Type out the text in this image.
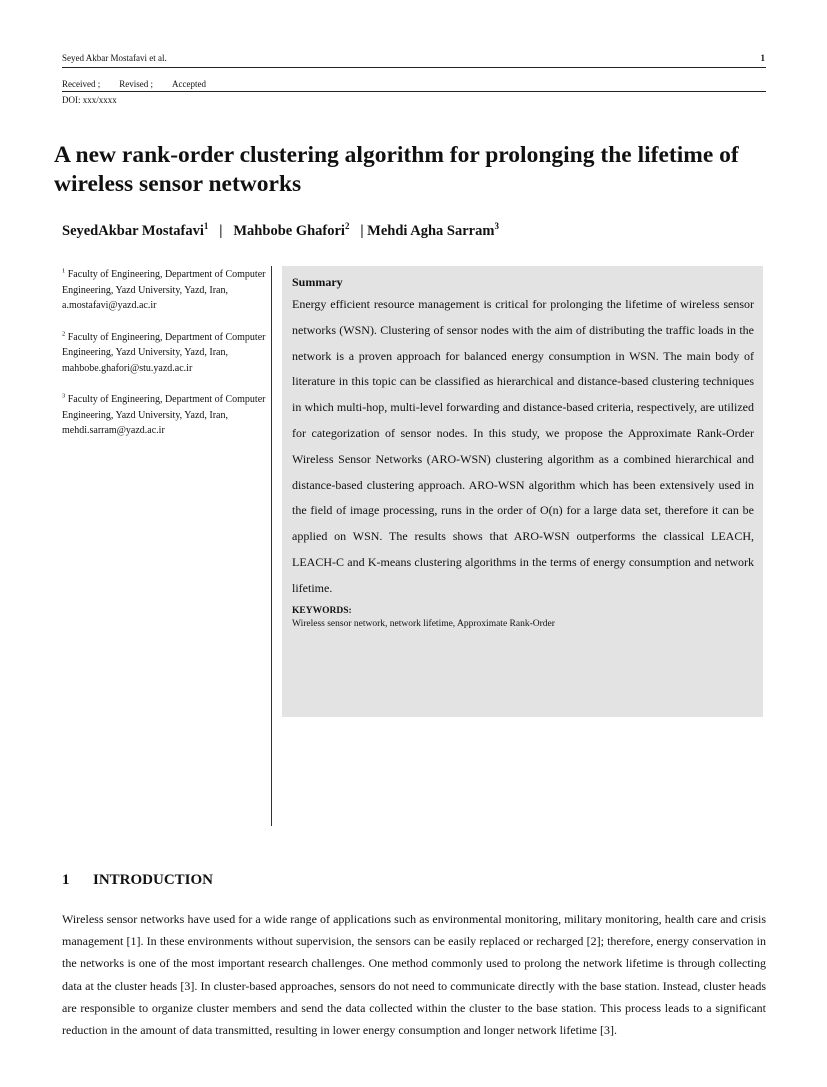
Seyed Akbar Mostafavi et al.	1
Received ; Revised ; Accepted
DOI: xxx/xxxx
A new rank-order clustering algorithm for prolonging the lifetime of wireless sensor networks
SeyedAkbar Mostafavi$^1$   |   Mahbobe Ghafori$^2$   | Mehdi Agha Sarram$^3$
$^1$ Faculty of Engineering, Department of Computer Engineering, Yazd University, Yazd, Iran, a.mostafavi@yazd.ac.ir
$^2$ Faculty of Engineering, Department of Computer Engineering, Yazd University, Yazd, Iran, mahbobe.ghafori@stu.yazd.ac.ir
$^3$ Faculty of Engineering, Department of Computer Engineering, Yazd University, Yazd, Iran, mehdi.sarram@yazd.ac.ir
Summary

Energy efficient resource management is critical for prolonging the lifetime of wireless sensor networks (WSN). Clustering of sensor nodes with the aim of distributing the traffic loads in the network is a proven approach for balanced energy consumption in WSN. The main body of literature in this topic can be classified as hierarchical and distance-based clustering techniques in which multi-hop, multi-level forwarding and distance-based criteria, respectively, are utilized for categorization of sensor nodes. In this study, we propose the Approximate Rank-Order Wireless Sensor Networks (ARO-WSN) clustering algorithm as a combined hierarchical and distance-based clustering approach. ARO-WSN algorithm which has been extensively used in the field of image processing, runs in the order of O(n) for a large data set, therefore it can be applied on WSN. The results shows that ARO-WSN outperforms the classical LEACH, LEACH-C and K-means clustering algorithms in the terms of energy consumption and network lifetime.

KEYWORDS:
Wireless sensor network, network lifetime, Approximate Rank-Order
1 INTRODUCTION

Wireless sensor networks have used for a wide range of applications such as environmental monitoring, military monitoring, health care and crisis management [1]. In these environments without supervision, the sensors can be easily replaced or recharged [2]; therefore, energy conservation in the networks is one of the most important research challenges. One method commonly used to prolong the network lifetime is through collecting data at the cluster heads [3]. In cluster-based approaches, sensors do not need to communicate directly with the base station. Instead, cluster heads are responsible to organize cluster members and send the data collected within the cluster to the base station. This process leads to a significant reduction in the amount of data transmitted, resulting in lower energy consumption and longer network lifetime [3].
